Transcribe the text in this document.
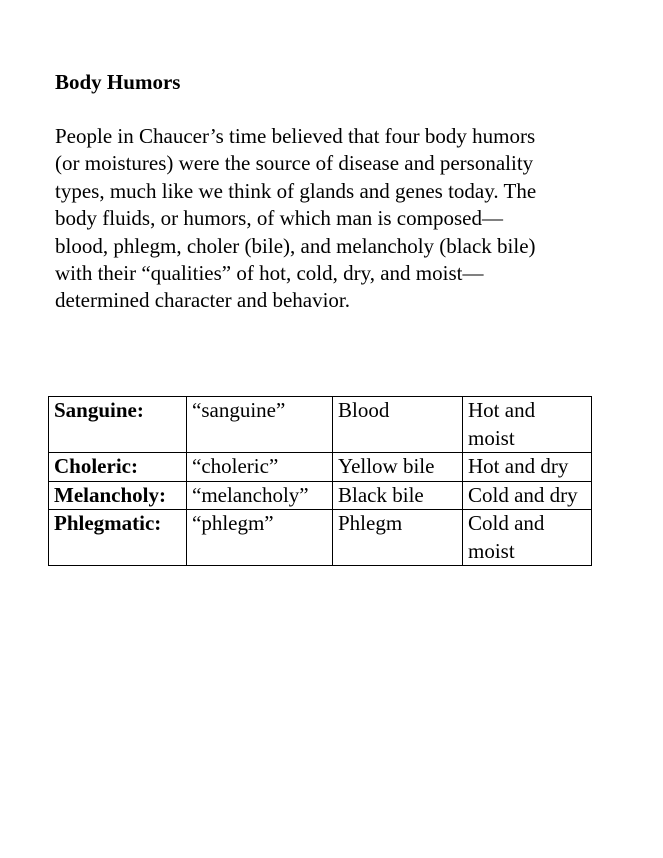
Body Humors

People in Chaucer’s time believed that four body humors
(or moistures) were the source of disease and personality
types, much like we think of glands and genes today. The
body fluids, or humors, of which man is composed—
blood, phlegm, choler (bile), and melancholy (black bile)
with their “qualities” of hot, cold, dry, and moist—
determined character and behavior.

Sanguine:	“sanguine”	Blood	Hot and moist
Choleric:	“choleric”	Yellow bile	Hot and dry
Melancholy:	“melancholy”	Black bile	Cold and dry
Phlegmatic:	“phlegm”	Phlegm	Cold and moist
